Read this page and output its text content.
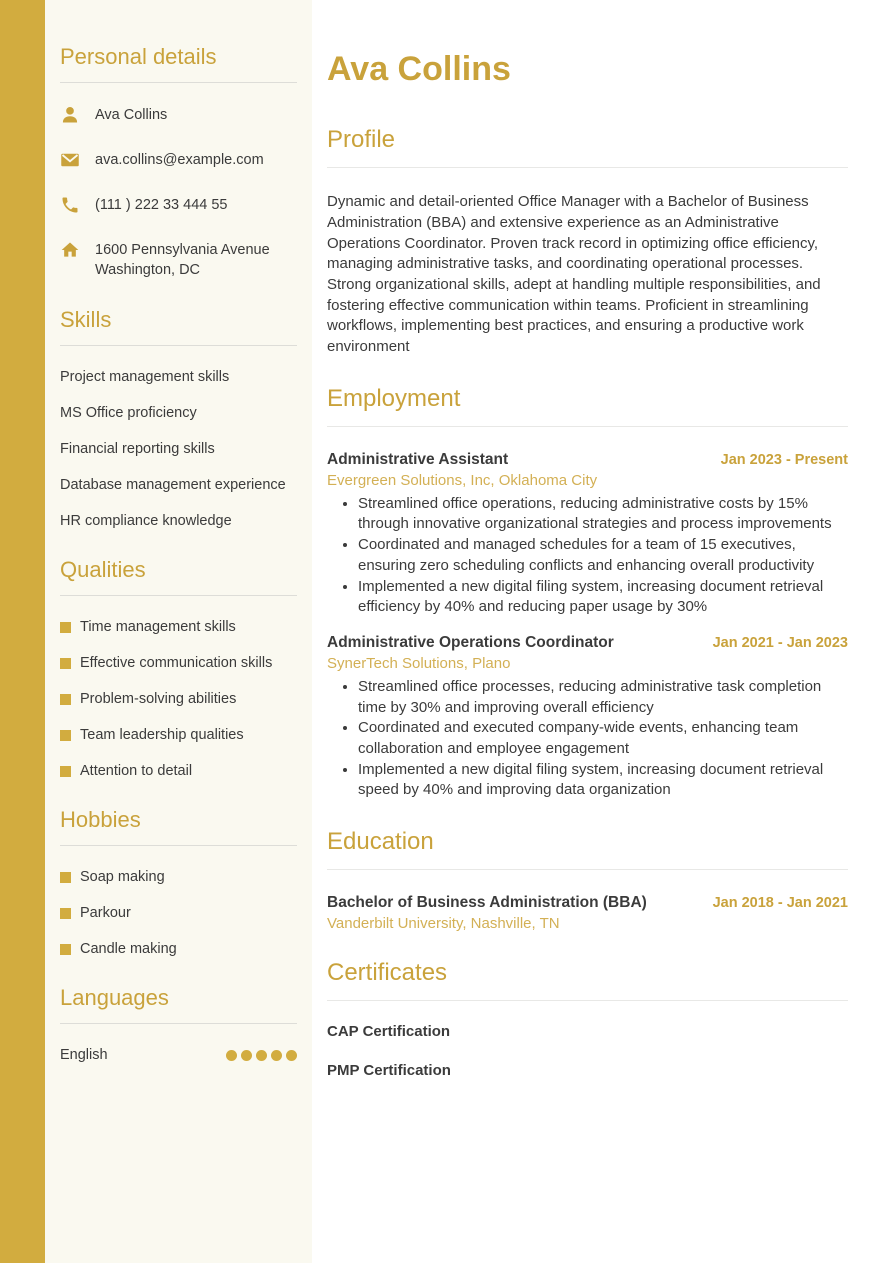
Personal details
Ava Collins
ava.collins@example.com
(111 ) 222 33 444 55
1600 Pennsylvania Avenue
Washington, DC
Skills
Project management skills
MS Office proficiency
Financial reporting skills
Database management experience
HR compliance knowledge
Qualities
Time management skills
Effective communication skills
Problem-solving abilities
Team leadership qualities
Attention to detail
Hobbies
Soap making
Parkour
Candle making
Languages
English
Ava Collins
Profile

Dynamic and detail-oriented Office Manager with a Bachelor of Business Administration (BBA) and extensive experience as an Administrative Operations Coordinator. Proven track record in optimizing office efficiency, managing administrative tasks, and coordinating operational processes. Strong organizational skills, adept at handling multiple responsibilities, and fostering effective communication within teams. Proficient in streamlining workflows, implementing best practices, and ensuring a productive work environment

Employment
Administrative Assistant	Jan 2023 - Present
Evergreen Solutions, Inc, Oklahoma City
• Streamlined office operations, reducing administrative costs by 15% through innovative organizational strategies and process improvements
• Coordinated and managed schedules for a team of 15 executives, ensuring zero scheduling conflicts and enhancing overall productivity
• Implemented a new digital filing system, increasing document retrieval efficiency by 40% and reducing paper usage by 30%
Administrative Operations Coordinator	Jan 2021 - Jan 2023
SynerTech Solutions, Plano
• Streamlined office processes, reducing administrative task completion time by 30% and improving overall efficiency
• Coordinated and executed company-wide events, enhancing team collaboration and employee engagement
• Implemented a new digital filing system, increasing document retrieval speed by 40% and improving data organization
Education
Bachelor of Business Administration (BBA)	Jan 2018 - Jan 2021
Vanderbilt University, Nashville, TN
Certificates
CAP Certification
PMP Certification
